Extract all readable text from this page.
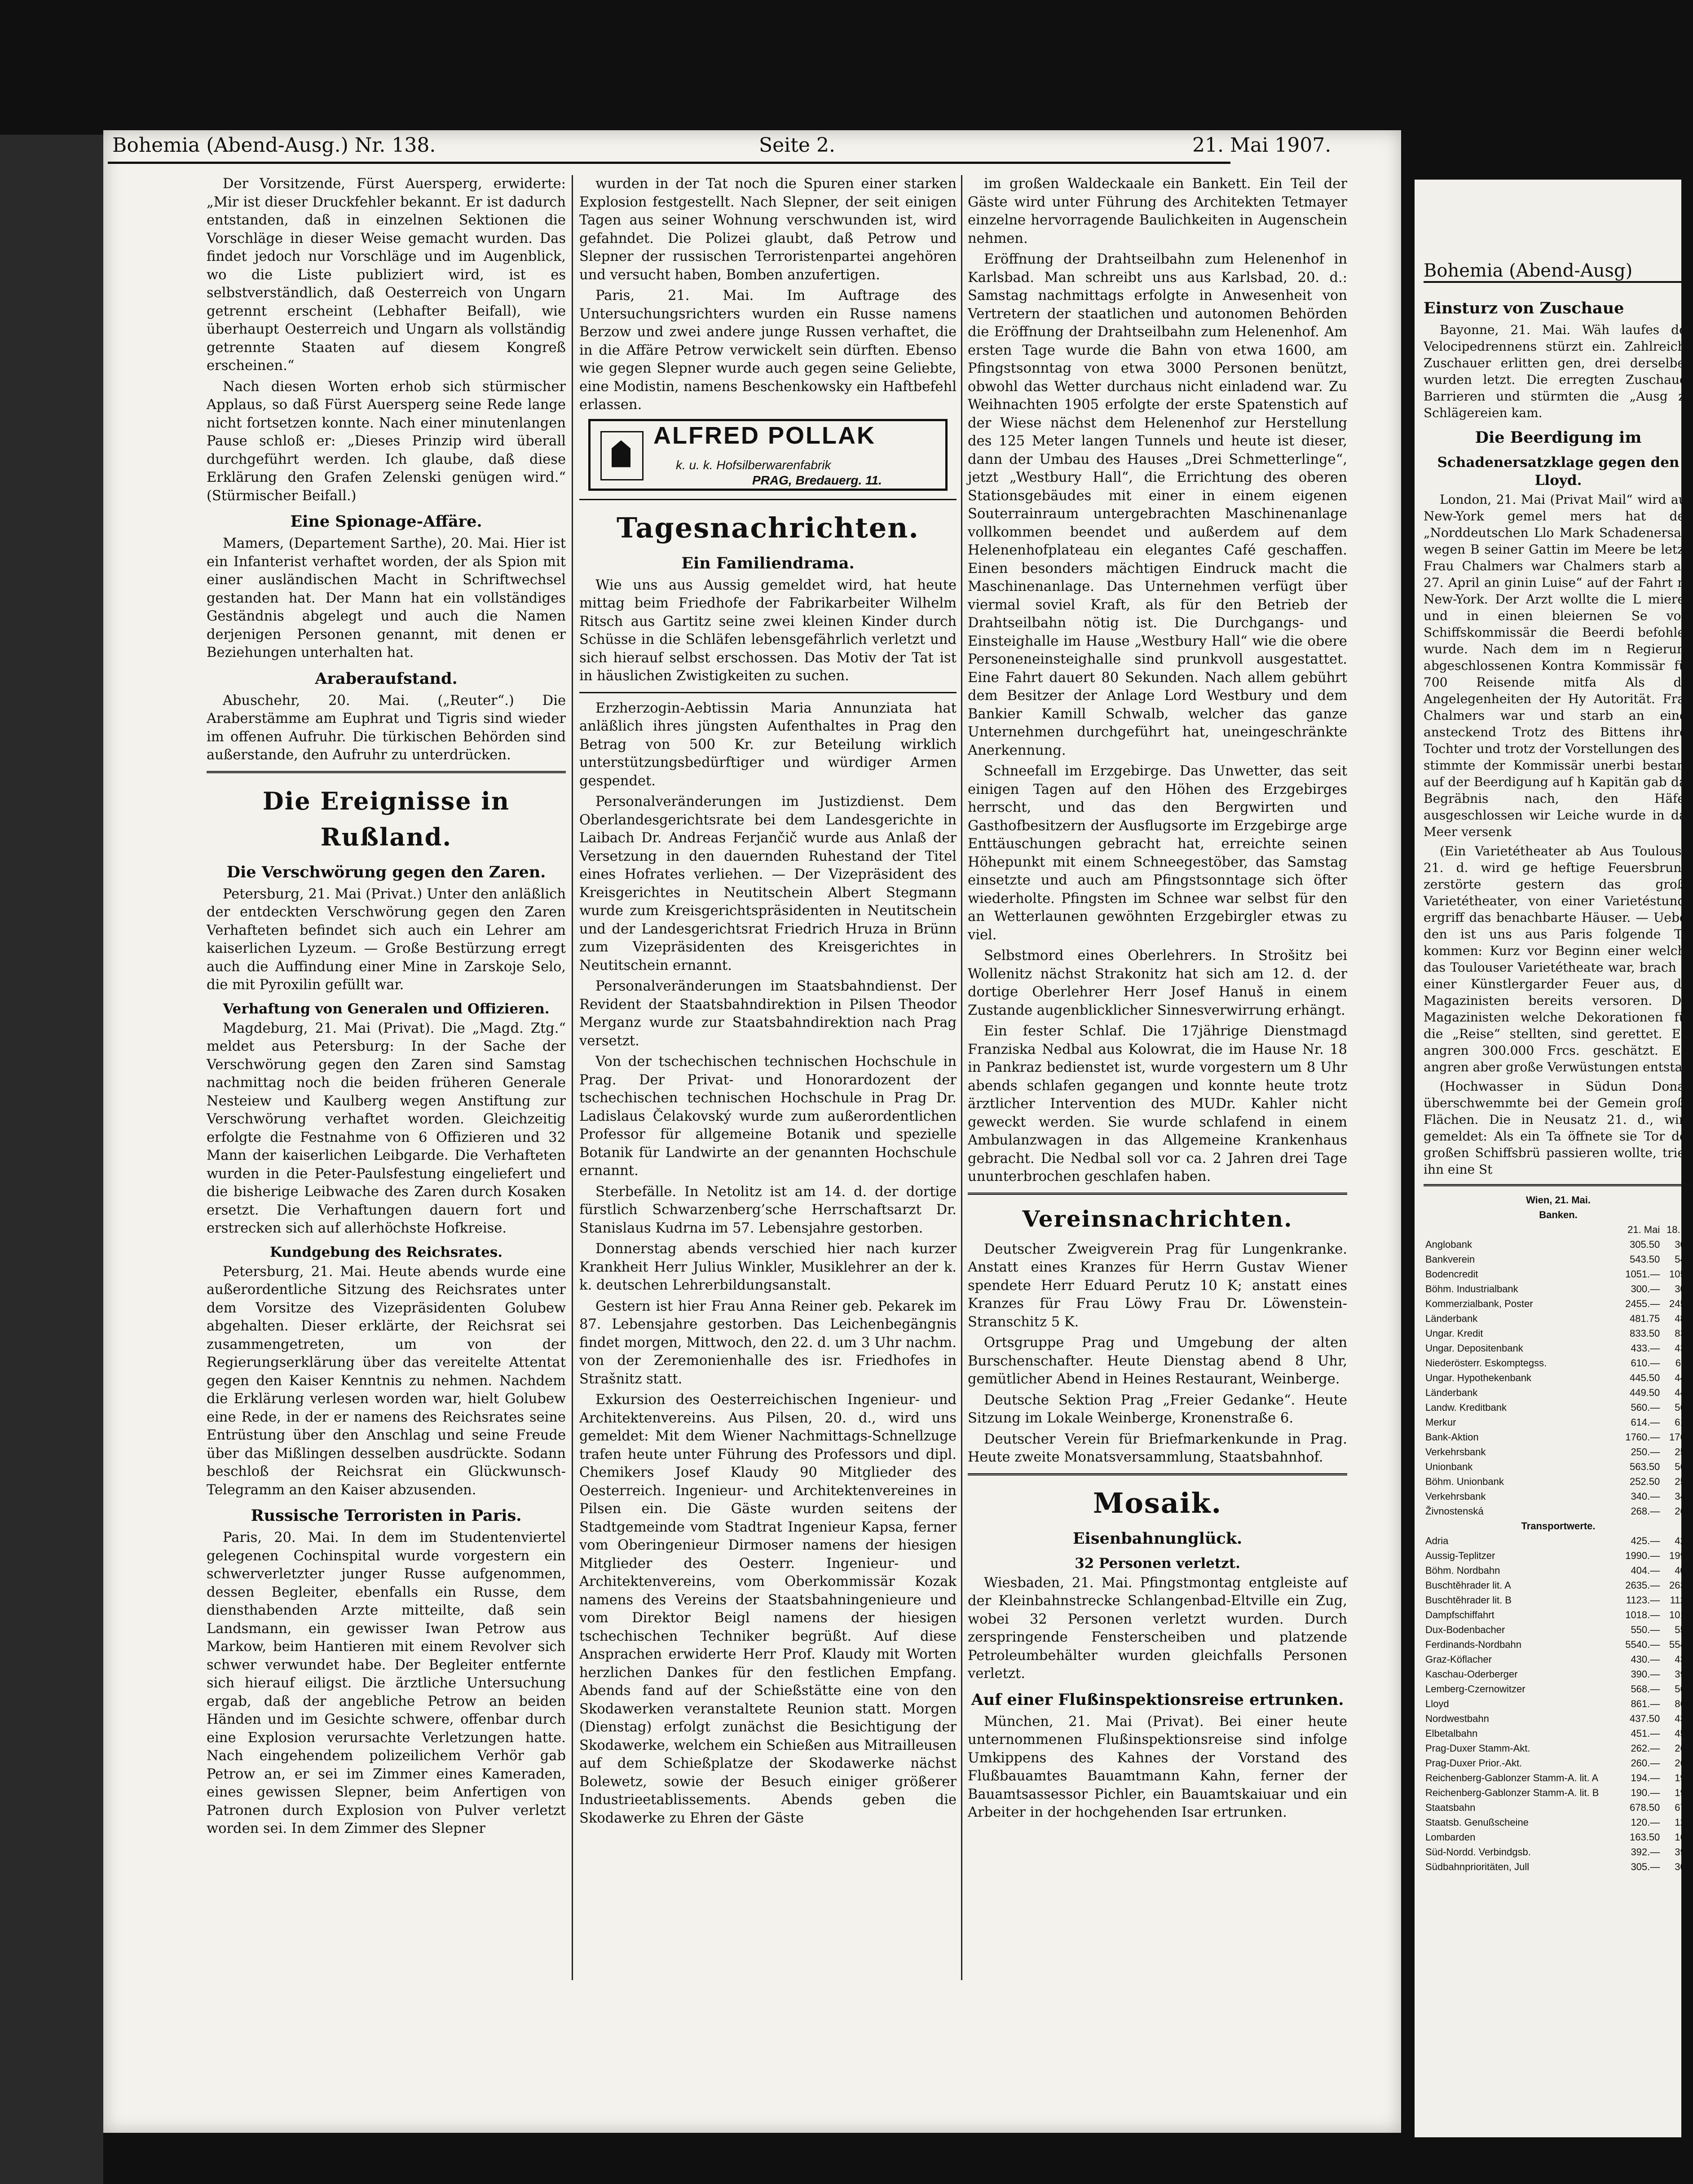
Bohemia (Abend-Ausg.) Nr. 138.	Seite 2.	21. Mai 1907.

Der Vorsitzende, Fürst Auersperg, erwiderte: „Mir ist dieser Druckfehler bekannt. Er ist dadurch entstanden, daß in einzelnen Sektionen die Vorschläge in dieser Weise gemacht wurden. Das findet jedoch nur Vorschläge und im Augenblick, wo die Liste publiziert wird, ist es selbstverständlich, daß Oesterreich von Ungarn getrennt erscheint (Lebhafter Beifall), wie überhaupt Oesterreich und Ungarn als vollständig getrennte Staaten auf diesem Kongreß erscheinen.“

Nach diesen Worten erhob sich stürmischer Applaus, so daß Fürst Auersperg seine Rede lange nicht fortsetzen konnte. Nach einer minutenlangen Pause schloß er: „Dieses Prinzip wird überall durchgeführt werden. Ich glaube, daß diese Erklärung den Grafen Zelenski genügen wird.“ (Stürmischer Beifall.)

Eine Spionage-Affäre.

Mamers, (Departement Sarthe), 20. Mai. Hier ist ein Infanterist verhaftet worden, der als Spion mit einer ausländischen Macht in Schriftwechsel gestanden hat. Der Mann hat ein vollständiges Geständnis abgelegt und auch die Namen derjenigen Personen genannt, mit denen er Beziehungen unterhalten hat.

Araberaufstand.

Abuschehr, 20. Mai. („Reuter“.) Die Araberstämme am Euphrat und Tigris sind wieder im offenen Aufruhr. Die türkischen Behörden sind außerstande, den Aufruhr zu unterdrücken.

Die Ereignisse in Rußland.
Die Verschwörung gegen den Zaren.

Petersburg, 21. Mai (Privat.) Unter den anläßlich der entdeckten Verschwörung gegen den Zaren Verhafteten befindet sich auch ein Lehrer am kaiserlichen Lyzeum. — Große Bestürzung erregt auch die Auffindung einer Mine in Zarskoje Selo, die mit Pyroxilin gefüllt war.

Verhaftung von Generalen und Offizieren.

Magdeburg, 21. Mai (Privat). Die „Magd. Ztg.“ meldet aus Petersburg: In der Sache der Verschwörung gegen den Zaren sind Samstag nachmittag noch die beiden früheren Generale Nesteiew und Kaulberg wegen Anstiftung zur Verschwörung verhaftet worden. Gleichzeitig erfolgte die Festnahme von 6 Offizieren und 32 Mann der kaiserlichen Leibgarde. Die Verhafteten wurden in die Peter-Paulsfestung eingeliefert und die bisherige Leibwache des Zaren durch Kosaken ersetzt. Die Verhaftungen dauern fort und erstrecken sich auf allerhöchste Hofkreise.

Kundgebung des Reichsrates.

Petersburg, 21. Mai. Heute abends wurde eine außerordentliche Sitzung des Reichsrates unter dem Vorsitze des Vizepräsidenten Golubew abgehalten. Dieser erklärte, der Reichsrat sei zusammengetreten, um von der Regierungserklärung über das vereitelte Attentat gegen den Kaiser Kenntnis zu nehmen. Nachdem die Erklärung verlesen worden war, hielt Golubew eine Rede, in der er namens des Reichsrates seine Entrüstung über den Anschlag und seine Freude über das Mißlingen desselben ausdrückte. Sodann beschloß der Reichsrat ein Glückwunsch-Telegramm an den Kaiser abzusenden.

Russische Terroristen in Paris.

Paris, 20. Mai. In dem im Studentenviertel gelegenen Cochinspital wurde vorgestern ein schwerverletzter junger Russe aufgenommen, dessen Begleiter, ebenfalls ein Russe, dem diensthabenden Arzte mitteilte, daß sein Landsmann, ein gewisser Iwan Petrow aus Markow, beim Hantieren mit einem Revolver sich schwer verwundet habe. Der Begleiter entfernte sich hierauf eiligst. Die ärztliche Untersuchung ergab, daß der angebliche Petrow an beiden Händen und im Gesichte schwere, offenbar durch eine Explosion verursachte Verletzungen hatte. Nach eingehendem polizeilichem Verhör gab Petrow an, er sei im Zimmer eines Kameraden, eines gewissen Slepner, beim Anfertigen von Patronen durch Explosion von Pulver verletzt worden sei. In dem Zimmer des Slepner

wurden in der Tat noch die Spuren einer starken Explosion festgestellt. Nach Slepner, der seit einigen Tagen aus seiner Wohnung verschwunden ist, wird gefahndet. Die Polizei glaubt, daß Petrow und Slepner der russischen Terroristenpartei angehören und versucht haben, Bomben anzufertigen.

Paris, 21. Mai. Im Auftrage des Untersuchungsrichters wurden ein Russe namens Berzow und zwei andere junge Russen verhaftet, die in die Affäre Petrow verwickelt sein dürften. Ebenso wie gegen Slepner wurde auch gegen seine Geliebte, eine Modistin, namens Beschenkowsky ein Haftbefehl erlassen.

ALFRED POLLAK
k. u. k. Hofsilberwarenfabrik
PRAG, Bredauerg. 11.
Tagesnachrichten.
Ein Familiendrama.

Wie uns aus Aussig gemeldet wird, hat heute mittag beim Friedhofe der Fabrikarbeiter Wilhelm Ritsch aus Gartitz seine zwei kleinen Kinder durch Schüsse in die Schläfen lebensgefährlich verletzt und sich hierauf selbst erschossen. Das Motiv der Tat ist in häuslichen Zwistigkeiten zu suchen.

Erzherzogin-Aebtissin Maria Annunziata hat anläßlich ihres jüngsten Aufenthaltes in Prag den Betrag von 500 Kr. zur Beteilung wirklich unterstützungsbedürftiger und würdiger Armen gespendet.

Personalveränderungen im Justizdienst. Dem Oberlandesgerichtsrate bei dem Landesgerichte in Laibach Dr. Andreas Ferjančič wurde aus Anlaß der Versetzung in den dauernden Ruhestand der Titel eines Hofrates verliehen. — Der Vizepräsident des Kreisgerichtes in Neutitschein Albert Stegmann wurde zum Kreisgerichtspräsidenten in Neutitschein und der Landesgerichtsrat Friedrich Hruza in Brünn zum Vizepräsidenten des Kreisgerichtes in Neutitschein ernannt.

Personalveränderungen im Staatsbahndienst. Der Revident der Staatsbahndirektion in Pilsen Theodor Merganz wurde zur Staatsbahndirektion nach Prag versetzt.

Von der tschechischen technischen Hochschule in Prag. Der Privat- und Honorardozent der tschechischen technischen Hochschule in Prag Dr. Ladislaus Čelakovský wurde zum außerordentlichen Professor für allgemeine Botanik und spezielle Botanik für Landwirte an der genannten Hochschule ernannt.

Sterbefälle. In Netolitz ist am 14. d. der dortige fürstlich Schwarzenberg’sche Herrschaftsarzt Dr. Stanislaus Kudrna im 57. Lebensjahre gestorben.

Donnerstag abends verschied hier nach kurzer Krankheit Herr Julius Winkler, Musiklehrer an der k. k. deutschen Lehrerbildungsanstalt.

Gestern ist hier Frau Anna Reiner geb. Pekarek im 87. Lebensjahre gestorben. Das Leichenbegängnis findet morgen, Mittwoch, den 22. d. um 3 Uhr nachm. von der Zeremonienhalle des isr. Friedhofes in Strašnitz statt.

Exkursion des Oesterreichischen Ingenieur- und Architektenvereins. Aus Pilsen, 20. d., wird uns gemeldet: Mit dem Wiener Nachmittags-Schnellzuge trafen heute unter Führung des Professors und dipl. Chemikers Josef Klaudy 90 Mitglieder des Oesterreich. Ingenieur- und Architektenvereines in Pilsen ein. Die Gäste wurden seitens der Stadtgemeinde vom Stadtrat Ingenieur Kapsa, ferner vom Oberingenieur Dirmoser namens der hiesigen Mitglieder des Oesterr. Ingenieur- und Architektenvereins, vom Oberkommissär Kozak namens des Vereins der Staatsbahningenieure und vom Direktor Beigl namens der hiesigen tschechischen Techniker begrüßt. Auf diese Ansprachen erwiderte Herr Prof. Klaudy mit Worten herzlichen Dankes für den festlichen Empfang. Abends fand auf der Schießstätte eine von den Skodawerken veranstaltete Reunion statt. Morgen (Dienstag) erfolgt zunächst die Besichtigung der Skodawerke, welchem ein Schießen aus Mitrailleusen auf dem Schießplatze der Skodawerke nächst Bolewetz, sowie der Besuch einiger größerer Industrieetablissements. Abends geben die Skodawerke zu Ehren der Gäste

im großen Waldeckaale ein Bankett. Ein Teil der Gäste wird unter Führung des Architekten Tetmayer einzelne hervorragende Baulichkeiten in Augenschein nehmen.

Eröffnung der Drahtseilbahn zum Helenenhof in Karlsbad. Man schreibt uns aus Karlsbad, 20. d.: Samstag nachmittags erfolgte in Anwesenheit von Vertretern der staatlichen und autonomen Behörden die Eröffnung der Drahtseilbahn zum Helenenhof. Am ersten Tage wurde die Bahn von etwa 1600, am Pfingstsonntag von etwa 3000 Personen benützt, obwohl das Wetter durchaus nicht einladend war. Zu Weihnachten 1905 erfolgte der erste Spatenstich auf der Wiese nächst dem Helenenhof zur Herstellung des 125 Meter langen Tunnels und heute ist dieser, dann der Umbau des Hauses „Drei Schmetterlinge“, jetzt „Westbury Hall“, die Errichtung des oberen Stationsgebäudes mit einer in einem eigenen Souterrainraum untergebrachten Maschinenanlage vollkommen beendet und außerdem auf dem Helenenhofplateau ein elegantes Café geschaffen. Einen besonders mächtigen Eindruck macht die Maschinenanlage. Das Unternehmen verfügt über viermal soviel Kraft, als für den Betrieb der Drahtseilbahn nötig ist. Die Durchgangs- und Einsteighalle im Hause „Westbury Hall“ wie die obere Personeneinsteighalle sind prunkvoll ausgestattet. Eine Fahrt dauert 80 Sekunden. Nach allem gebührt dem Besitzer der Anlage Lord Westbury und dem Bankier Kamill Schwalb, welcher das ganze Unternehmen durchgeführt hat, uneingeschränkte Anerkennung.

Schneefall im Erzgebirge. Das Unwetter, das seit einigen Tagen auf den Höhen des Erzgebirges herrscht, und das den Bergwirten und Gasthofbesitzern der Ausflugsorte im Erzgebirge arge Enttäuschungen gebracht hat, erreichte seinen Höhepunkt mit einem Schneegestöber, das Samstag einsetzte und auch am Pfingstsonntage sich öfter wiederholte. Pfingsten im Schnee war selbst für den an Wetterlaunen gewöhnten Erzgebirgler etwas zu viel.

Selbstmord eines Oberlehrers. In Strošitz bei Wollenitz nächst Strakonitz hat sich am 12. d. der dortige Oberlehrer Herr Josef Hanuš in einem Zustande augenblicklicher Sinnesverwirrung erhängt.

Ein fester Schlaf. Die 17jährige Dienstmagd Franziska Nedbal aus Kolowrat, die im Hause Nr. 18 in Pankraz bedienstet ist, wurde vorgestern um 8 Uhr abends schlafen gegangen und konnte heute trotz ärztlicher Intervention des MUDr. Kahler nicht geweckt werden. Sie wurde schlafend in einem Ambulanzwagen in das Allgemeine Krankenhaus gebracht. Die Nedbal soll vor ca. 2 Jahren drei Tage ununterbrochen geschlafen haben.

Vereinsnachrichten.

Deutscher Zweigverein Prag für Lungenkranke. Anstatt eines Kranzes für Herrn Gustav Wiener spendete Herr Eduard Perutz 10 K; anstatt eines Kranzes für Frau Löwy Frau Dr. Löwenstein-Stranschitz 5 K.

Ortsgruppe Prag und Umgebung der alten Burschenschafter. Heute Dienstag abend 8 Uhr, gemütlicher Abend in Heines Restaurant, Weinberge.

Deutsche Sektion Prag „Freier Gedanke“. Heute Sitzung im Lokale Weinberge, Kronenstraße 6.

Deutscher Verein für Briefmarkenkunde in Prag. Heute zweite Monatsversammlung, Staatsbahnhof.

Mosaik.
Eisenbahnunglück.
32 Personen verletzt.

Wiesbaden, 21. Mai. Pfingstmontag entgleiste auf der Kleinbahnstrecke Schlangenbad-Eltville ein Zug, wobei 32 Personen verletzt wurden. Durch zerspringende Fensterscheiben und platzende Petroleumbehälter wurden gleichfalls Personen verletzt.

Auf einer Flußinspektionsreise ertrunken.

München, 21. Mai (Privat). Bei einer heute unternommenen Flußinspektionsreise sind infolge Umkippens des Kahnes der Vorstand des Flußbauamtes Bauamtmann Kahn, ferner der Bauamtsassessor Pichler, ein Bauamtskaiuar und ein Arbeiter in der hochgehenden Isar ertrunken.

Bohemia (Abend-Ausg)
Einsturz von Zuschaue

Bayonne, 21. Mai. Wäh laufes des Velocipedrennens stürzt ein. Zahlreiche Zuschauer erlitten gen, drei derselben wurden letzt. Die erregten Zuschauer Barrieren und stürmten die „Ausg zu Schlägereien kam.

Die Beerdigung im
Schadenersatzklage gegen den Lloyd.

London, 21. Mai (Privat Mail“ wird aus New-York gemel mers hat den „Norddeutschen Llo Mark Schadenersatz wegen B seiner Gattin im Meere be letzt. Frau Chalmers war Chalmers starb am 27. April an ginin Luise“ auf der Fahrt na New-York. Der Arzt wollte die L mieren und in einen bleiernen Se vom Schiffskommissär die Beerdi befohlen wurde. Nach dem im n Regierung abgeschlossenen Kontra Kommissär für 700 Reisende mitfa Als die Angelegenheiten der Hy Autorität. Frau Chalmers war und starb an einer ansteckend Trotz des Bittens ihrer Tochter und trotz der Vorstellungen des K stimmte der Kommissär unerbi bestand auf der Beerdigung auf h Kapitän gab das Begräbnis nach, den Häfen ausgeschlossen wir Leiche wurde in das Meer versenk

(Ein Varietétheater ab Aus Toulouse, 21. d. wird ge heftige Feuersbrunst zerstörte gestern das große Varietétheater, von einer Varietéstunde ergriff das benachbarte Häuser. — Ueber den ist uns aus Paris folgende Tel kommen: Kurz vor Beginn einer welche das Toulouser Varietétheate war, brach in einer Künstlergarder Feuer aus, die Magazinisten bereits versoren. Die Magazinisten welche Dekorationen für die „Reise“ stellten, sind gerettet. Ein angren 300.000 Frcs. geschätzt. Ein angren aber große Verwüstungen entstan

(Hochwasser in Südun Donau überschwemmte bei der Gemein große Flächen. Die in Neusatz 21. d., wird gemeldet: Als ein Ta öffnete sie Tor der großen Schiffsbrü passieren wollte, trieb ihn eine St

Wien, 21. Mai.		
Banken.		
	21. Mai	18. M
Anglobank	305.50	304
Bankverein	543.50	543
Bodencredit	1051.—	1057
Böhm. Industrialbank	300.—	300
Kommerzialbank, Poster	2455.—	2455
Länderbank	481.75	482
Ungar. Kredit	833.50	833
Ungar. Depositenbank	433.—	433
Niederösterr. Eskomptegss.	610.—	611
Ungar. Hypothekenbank	445.50	445
Länderbank	449.50	449
Landw. Kreditbank	560.—	560
Merkur	614.—	614
Bank-Aktion	1760.—	1760
Verkehrsbank	250.—	250
Unionbank	563.50	563
Böhm. Unionbank	252.50	252
Verkehrsbank	340.—	340
Živnostenská	268.—	268
Transportwerte.		
Adria	425.—	424
Aussig-Teplitzer	1990.—	1990
Böhm. Nordbahn	404.—	404
Buschtěhrader lit. A	2635.—	2635
Buschtěhrader lit. B	1123.—	1123
Dampfschiffahrt	1018.—	1018
Dux-Bodenbacher	550.—	550
Ferdinands-Nordbahn	5540.—	5540
Graz-Köflacher	430.—	430
Kaschau-Oderberger	390.—	390
Lemberg-Czernowitzer	568.—	568
Lloyd	861.—	861
Nordwestbahn	437.50	437
Elbetalbahn	451.—	451
Prag-Duxer Stamm-Akt.	262.—	262
Prag-Duxer Prior.-Akt.	260.—	260
Reichenberg-Gablonzer Stamm-A. lit. A	194.—	194
Reichenberg-Gablonzer Stamm-A. lit. B	190.—	190
Staatsbahn	678.50	678
Staatsb. Genußscheine	120.—	120
Lombarden	163.50	163
Süd-Nordd. Verbindgsb.	392.—	392
Südbahnprioritäten, Jull	305.—	305
